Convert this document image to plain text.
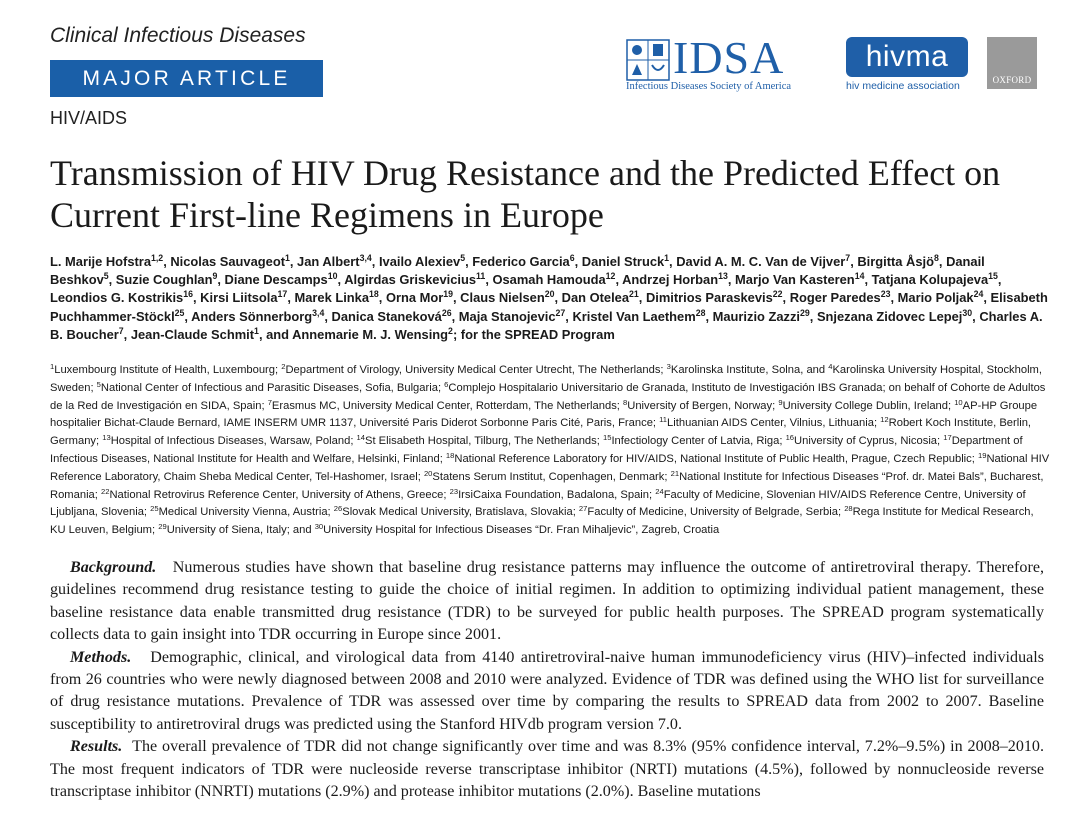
Clinical Infectious Diseases
MAJOR ARTICLE
HIV/AIDS
IDSA
Infectious Diseases Society of America
hivma
hiv medicine association	OXFORD
Transmission of HIV Drug Resistance and the Predicted Effect on Current First-line Regimens in Europe

L. Marije Hofstra$^{1,2}$, Nicolas Sauvageot$^1$, Jan Albert$^{3,4}$, Ivailo Alexiev$^5$, Federico Garcia$^6$, Daniel Struck$^1$, David A. M. C. Van de Vijver$^7$, Birgitta Åsjö$^8$, Danail Beshkov$^5$, Suzie Coughlan$^9$, Diane Descamps$^{10}$, Algirdas Griskevicius$^{11}$, Osamah Hamouda$^{12}$, Andrzej Horban$^{13}$, Marjo Van Kasteren$^{14}$, Tatjana Kolupajeva$^{15}$, Leondios G. Kostrikis$^{16}$, Kirsi Liitsola$^{17}$, Marek Linka$^{18}$, Orna Mor$^{19}$, Claus Nielsen$^{20}$, Dan Otelea$^{21}$, Dimitrios Paraskevis$^{22}$, Roger Paredes$^{23}$, Mario Poljak$^{24}$, Elisabeth Puchhammer-Stöckl$^{25}$, Anders Sönnerborg$^{3,4}$, Danica Staneková$^{26}$, Maja Stanojevic$^{27}$, Kristel Van Laethem$^{28}$, Maurizio Zazzi$^{29}$, Snjezana Zidovec Lepej$^{30}$, Charles A. B. Boucher$^7$, Jean-Claude Schmit$^1$, and Annemarie M. J. Wensing$^2$; for the SPREAD Program

$^1$Luxembourg Institute of Health, Luxembourg; $^2$Department of Virology, University Medical Center Utrecht, The Netherlands; $^3$Karolinska Institute, Solna, and $^4$Karolinska University Hospital, Stockholm, Sweden; $^5$National Center of Infectious and Parasitic Diseases, Sofia, Bulgaria; $^6$Complejo Hospitalario Universitario de Granada, Instituto de Investigación IBS Granada; on behalf of Cohorte de Adultos de la Red de Investigación en SIDA, Spain; $^7$Erasmus MC, University Medical Center, Rotterdam, The Netherlands; $^8$University of Bergen, Norway; $^9$University College Dublin, Ireland; $^{10}$AP-HP Groupe hospitalier Bichat-Claude Bernard, IAME INSERM UMR 1137, Université Paris Diderot Sorbonne Paris Cité, Paris, France; $^{11}$Lithuanian AIDS Center, Vilnius, Lithuania; $^{12}$Robert Koch Institute, Berlin, Germany; $^{13}$Hospital of Infectious Diseases, Warsaw, Poland; $^{14}$St Elisabeth Hospital, Tilburg, The Netherlands; $^{15}$Infectiology Center of Latvia, Riga; $^{16}$University of Cyprus, Nicosia; $^{17}$Department of Infectious Diseases, National Institute for Health and Welfare, Helsinki, Finland; $^{18}$National Reference Laboratory for HIV/AIDS, National Institute of Public Health, Prague, Czech Republic; $^{19}$National HIV Reference Laboratory, Chaim Sheba Medical Center, Tel-Hashomer, Israel; $^{20}$Statens Serum Institut, Copenhagen, Denmark; $^{21}$National Institute for Infectious Diseases “Prof. dr. Matei Bals”, Bucharest, Romania; $^{22}$National Retrovirus Reference Center, University of Athens, Greece; $^{23}$IrsiCaixa Foundation, Badalona, Spain; $^{24}$Faculty of Medicine, Slovenian HIV/AIDS Reference Centre, University of Ljubljana, Slovenia; $^{25}$Medical University Vienna, Austria; $^{26}$Slovak Medical University, Bratislava, Slovakia; $^{27}$Faculty of Medicine, University of Belgrade, Serbia; $^{28}$Rega Institute for Medical Research, KU Leuven, Belgium; $^{29}$University of Siena, Italy; and $^{30}$University Hospital for Infectious Diseases “Dr. Fran Mihaljevic”, Zagreb, Croatia

Background. Numerous studies have shown that baseline drug resistance patterns may influence the outcome of antiretroviral therapy. Therefore, guidelines recommend drug resistance testing to guide the choice of initial regimen. In addition to optimizing individual patient management, these baseline resistance data enable transmitted drug resistance (TDR) to be surveyed for public health purposes. The SPREAD program systematically collects data to gain insight into TDR occurring in Europe since 2001.

Methods. Demographic, clinical, and virological data from 4140 antiretroviral-naive human immunodeficiency virus (HIV)–infected individuals from 26 countries who were newly diagnosed between 2008 and 2010 were analyzed. Evidence of TDR was defined using the WHO list for surveillance of drug resistance mutations. Prevalence of TDR was assessed over time by comparing the results to SPREAD data from 2002 to 2007. Baseline susceptibility to antiretroviral drugs was predicted using the Stanford HIVdb program version 7.0.

Results. The overall prevalence of TDR did not change significantly over time and was 8.3% (95% confidence interval, 7.2%–9.5%) in 2008–2010. The most frequent indicators of TDR were nucleoside reverse transcriptase inhibitor (NRTI) mutations (4.5%), followed by nonnucleoside reverse transcriptase inhibitor (NNRTI) mutations (2.9%) and protease inhibitor mutations (2.0%). Baseline mutations
